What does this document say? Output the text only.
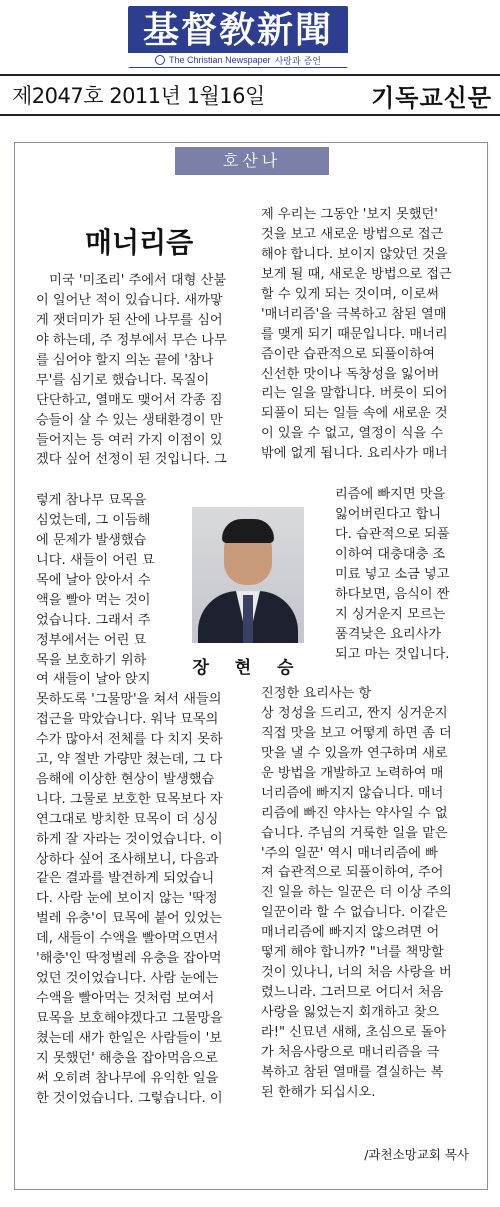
基督敎新聞
The Christian Newspaper 사랑과 증언
제2047호 2011년 1월16일	기독교신문
호산나
매너리즘
　미국 '미조리' 주에서 대형 산불
이 일어난 적이 있습니다. 새까맣
게 잿더미가 된 산에 나무를 심어
야 하는데, 주 정부에서 무슨 나무
를 심어야 할지 의논 끝에 '참나
무'를 심기로 했습니다. 목질이
단단하고, 열매도 맺어서 각종 짐
승들이 살 수 있는 생태환경이 만
들어지는 등 여러 가지 이점이 있
겠다 싶어 선정이 된 것입니다. 그
렇게 참나무 묘목을
심었는데, 그 이듬해
에 문제가 발생했습
니다. 새들이 어린 묘
목에 날아 앉아서 수
액을 빨아 먹는 것이
었습니다. 그래서 주
정부에서는 어린 묘
목을 보호하기 위하
여 새들이 날아 앉지
못하도록 '그물망'을 쳐서 새들의
접근을 막았습니다. 워낙 묘목의
수가 많아서 전체를 다 치지 못하
고, 약 절반 가량만 쳤는데, 그 다
음해에 이상한 현상이 발생했습
니다. 그물로 보호한 묘목보다 자
연그대로 방치한 묘목이 더 싱싱
하게 잘 자라는 것이었습니다. 이
상하다 싶어 조사해보니, 다음과
같은 결과를 발견하게 되었습니
다. 사람 눈에 보이지 않는 '딱정
벌레 유충'이 묘목에 붙어 있었는
데, 새들이 수액을 빨아먹으면서
'해충'인 딱정벌레 유충을 잡아먹
었던 것이었습니다. 사람 눈에는
수액을 빨아먹는 것처럼 보여서
묘목을 보호해야겠다고 그물망을
쳤는데 새가 한일은 사람들이 '보
지 못했던' 해충을 잡아먹음으로
써 오히려 참나무에 유익한 일을
한 것이었습니다. 그렇습니다. 이
제 우리는 그동안 '보지 못했던'
것을 보고 새로운 방법으로 접근
해야 합니다. 보이지 않았던 것을
보게 될 때, 새로운 방법으로 접근
할 수 있게 되는 것이며, 이로써
'매너리즘'을 극복하고 참된 열매
를 맺게 되기 때문입니다. 매너리
즘이란 습관적으로 되풀이하여
신선한 맛이나 독창성을 잃어버
리는 일을 말합니다. 버릇이 되어
되풀이 되는 일들 속에 새로운 것
이 있을 수 없고, 열정이 식을 수
밖에 없게 됩니다. 요리사가 매너
리즘에 빠지면 맛을
잃어버린다고 합니
다. 습관적으로 되풀
이하여 대충대충 조
미료 넣고 소금 넣고
하다보면, 음식이 짠
지 싱거운지 모르는
품격낮은 요리사가
되고 마는 것입니다.
진정한 요리사는 항
상 정성을 드리고, 짠지 싱거운지
직접 맛을 보고 어떻게 하면 좀 더
맛을 낼 수 있을까 연구하며 새로
운 방법을 개발하고 노력하여 매
너리즘에 빠지지 않습니다. 매너
리즘에 빠진 약사는 약사일 수 없
습니다. 주님의 거룩한 일을 맡은
'주의 일꾼' 역시 매너리즘에 빠
져 습관적으로 되풀이하여, 주어
진 일을 하는 일꾼은 더 이상 주의
일꾼이라 할 수 없습니다. 이같은
매너리즘에 빠지지 않으려면 어
떻게 해야 합니까? "너를 책망할
것이 있나니, 너의 처음 사랑을 버
렸느니라. 그러므로 어디서 처음
사랑을 잃었는지 회개하고 찾으
라!" 신묘년 새해, 초심으로 돌아
가 처음사랑으로 매너리즘을 극
복하고 참된 열매를 결실하는 복
된 한해가 되십시오.
장 현 승
/과천소망교회 목사
